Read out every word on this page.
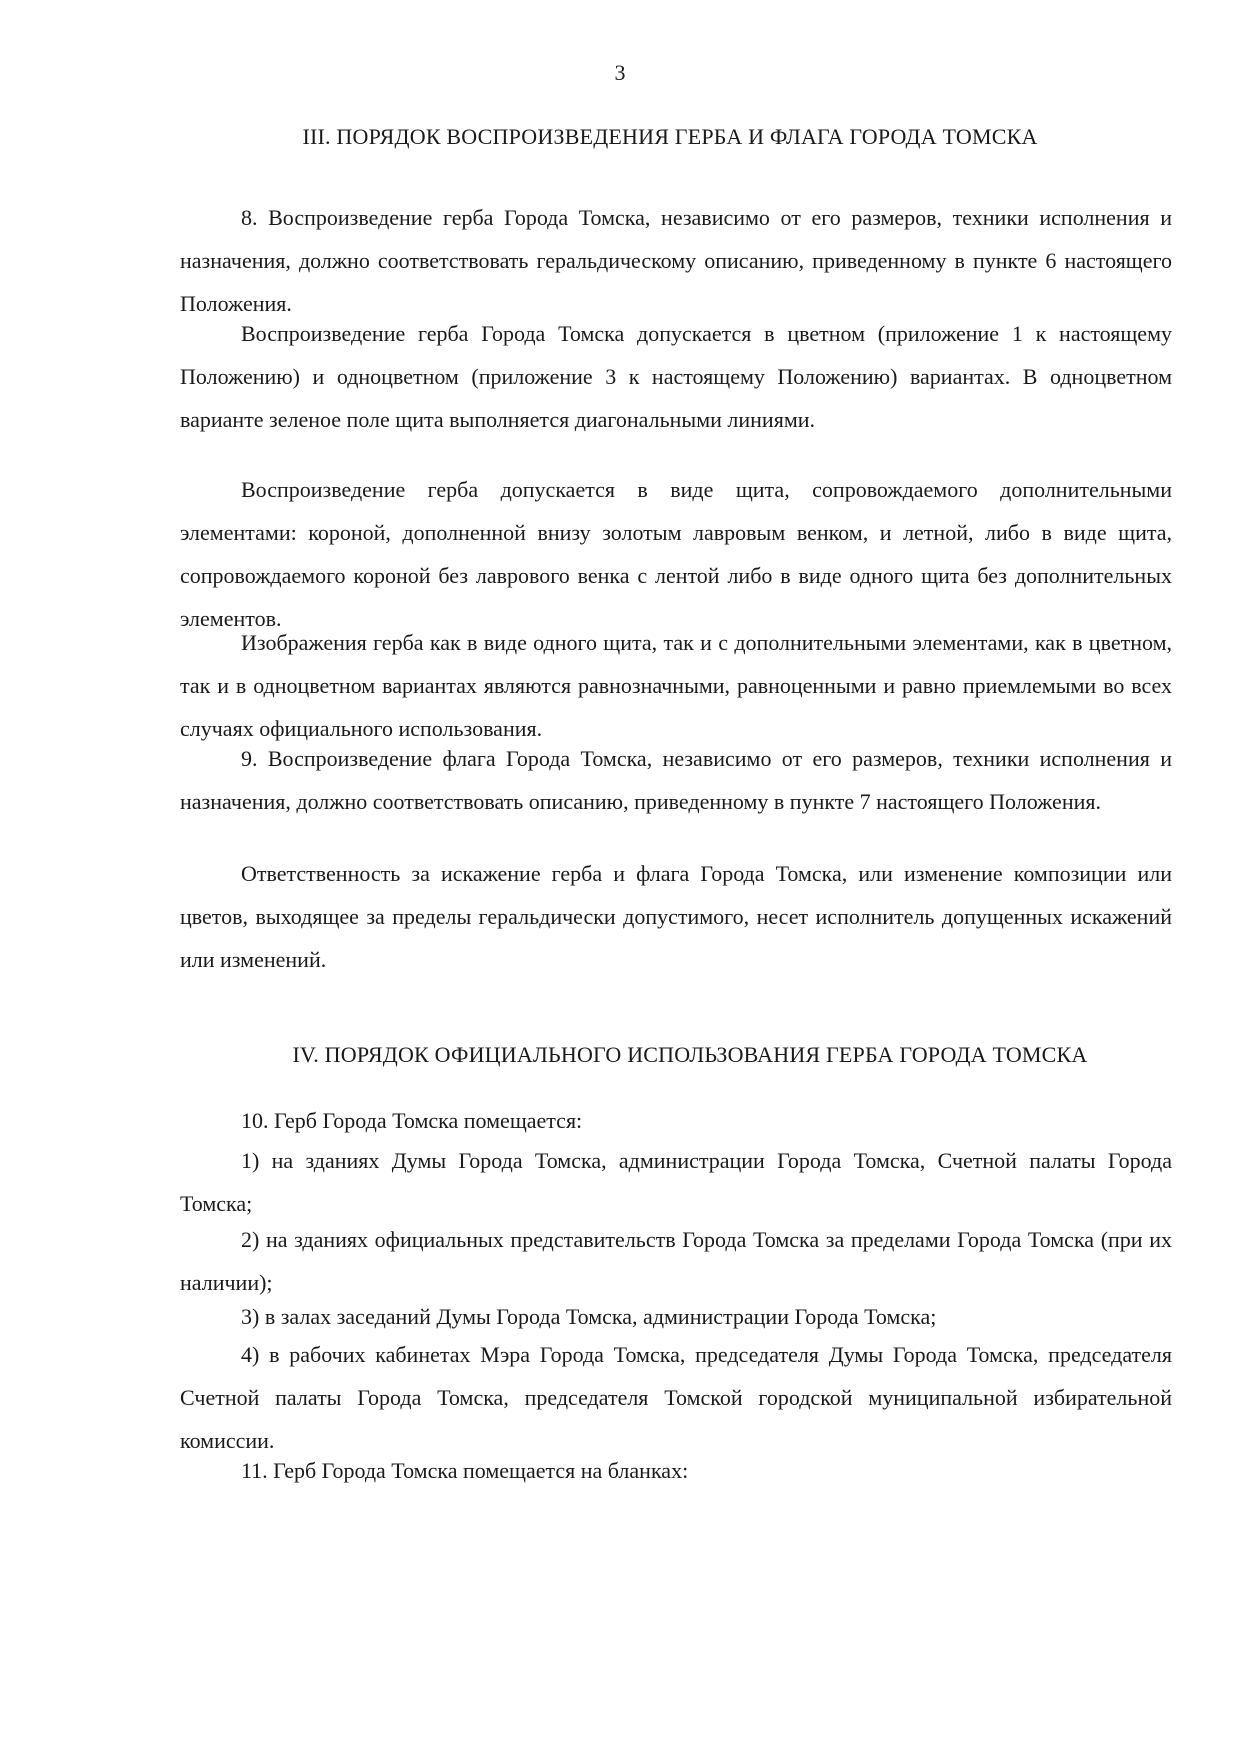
3
III. ПОРЯДОК ВОСПРОИЗВЕДЕНИЯ ГЕРБА И ФЛАГА ГОРОДА ТОМСКА

8. Воспроизведение герба Города Томска, независимо от его размеров, техники исполнения и назначения, должно соответствовать геральдическому описанию, приведенному в пункте 6 настоящего Положения.

Воспроизведение герба Города Томска допускается в цветном (приложение 1 к настоящему Положению) и одноцветном (приложение 3 к настоящему Положению) вариантах. В одноцветном варианте зеленое поле щита выполняется диагональными линиями.

Воспроизведение герба допускается в виде щита, сопровождаемого дополнительными элементами: короной, дополненной внизу золотым лавровым венком, и летной, либо в виде щита, сопровождаемого короной без лаврового венка с лентой либо в виде одного щита без дополнительных элементов.

Изображения герба как в виде одного щита, так и с дополнительными элементами, как в цветном, так и в одноцветном вариантах являются равнозначными, равноценными и равно приемлемыми во всех случаях официального использования.

9. Воспроизведение флага Города Томска, независимо от его размеров, техники исполнения и назначения, должно соответствовать описанию, приведенному в пункте 7 настоящего Положения.

Ответственность за искажение герба и флага Города Томска, или изменение композиции или цветов, выходящее за пределы геральдически допустимого, несет исполнитель допущенных искажений или изменений.

IV. ПОРЯДОК ОФИЦИАЛЬНОГО ИСПОЛЬЗОВАНИЯ ГЕРБА ГОРОДА ТОМСКА

10. Герб Города Томска помещается:

1) на зданиях Думы Города Томска, администрации Города Томска, Счетной палаты Города Томска;

2) на зданиях официальных представительств Города Томска за пределами Города Томска (при их наличии);

3) в залах заседаний Думы Города Томска, администрации Города Томска;

4) в рабочих кабинетах Мэра Города Томска, председателя Думы Города Томска, председателя Счетной палаты Города Томска, председателя Томской городской муниципальной избирательной комиссии.

11. Герб Города Томска помещается на бланках:
